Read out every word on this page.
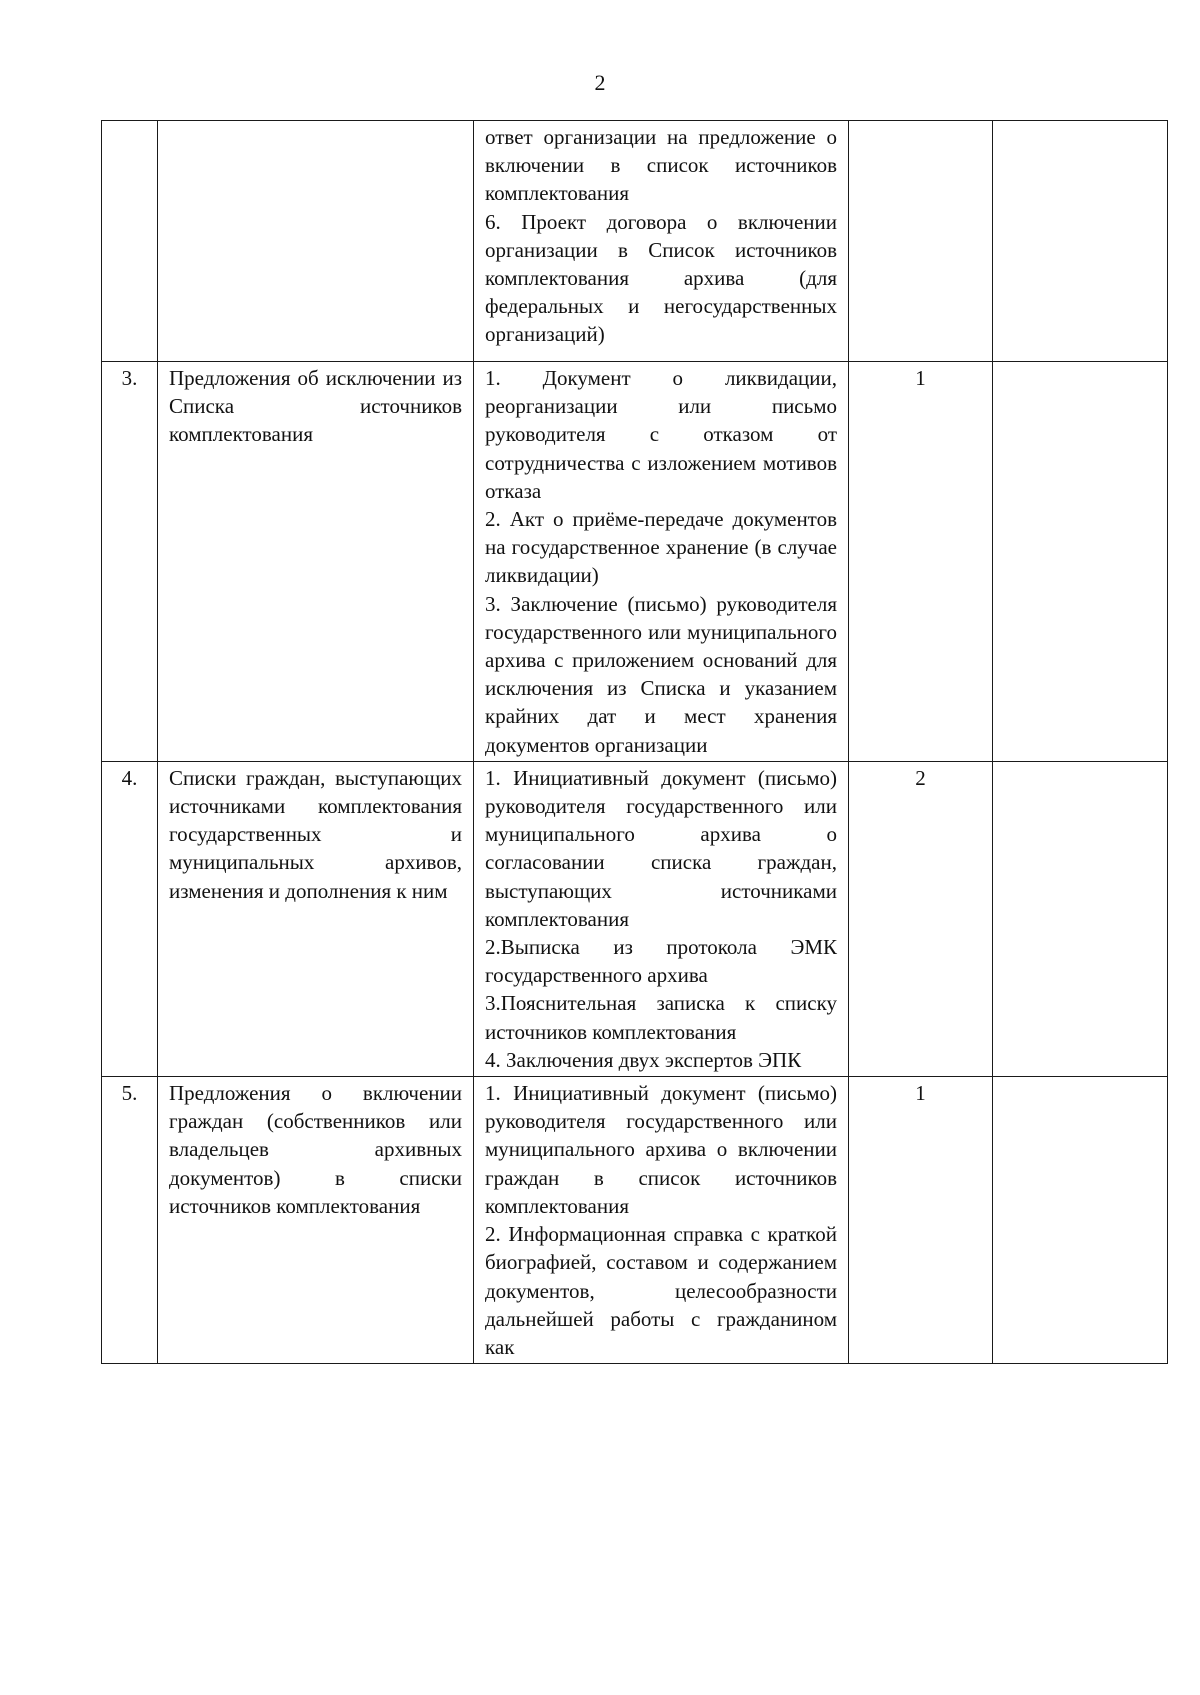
2

		ответ организации на предложение о включении в список источников комплектования

6. Проект договора о включении организации в Список источников комплектования архива (для федеральных и негосударственных организаций)		

3.	Предложения об исключении из Списка источников комплектования	1. Документ о ликвидации, реорганизации или письмо руководителя с отказом от сотрудничества с изложением мотивов отказа

2. Акт о приёме-передаче документов на государственное хранение (в случае ликвидации)

3. Заключение (письмо) руководителя государственного или муниципального архива с приложением оснований для исключения из Списка и указанием крайних дат и мест хранения документов организации	1	
4.	Списки граждан, выступающих источниками комплектования государственных и муниципальных архивов, изменения и дополнения к ним	1. Инициативный документ (письмо) руководителя государственного или муниципального архива о согласовании списка граждан, выступающих источниками комплектования

2.Выписка из протокола ЭМК государственного архива

3.Пояснительная записка к списку источников комплектования

4. Заключения двух экспертов ЭПК	2	
5.	Предложения о включении граждан (собственников или владельцев архивных документов) в списки источников комплектования	1. Инициативный документ (письмо) руководителя государственного или муниципального архива о включении граждан в список источников комплектования

2. Информационная справка с краткой биографией, составом и содержанием документов, целесообразности дальнейшей работы с гражданином как	1	
